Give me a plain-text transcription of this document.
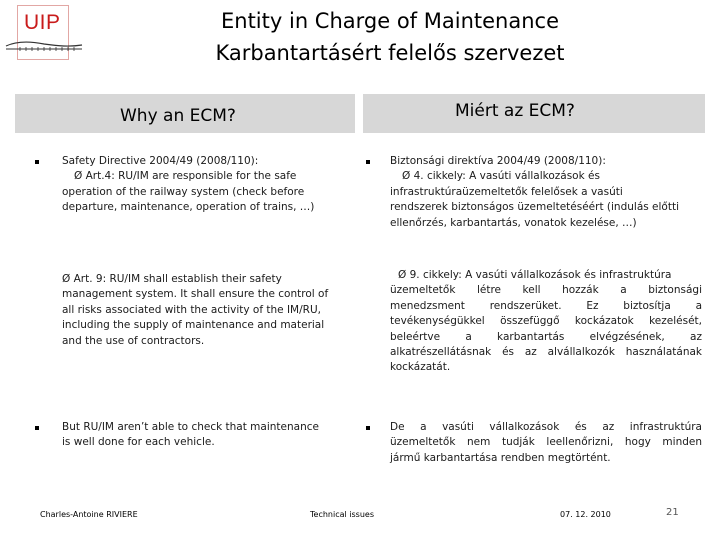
UIP	Entity in Charge of Maintenance
Karbantartásért felelős szervezet
Why an ECM?	Miért az ECM?
Safety Directive 2004/49 (2008/110):
Ø Art.4: RU/IM are responsible for the safe
operation of the railway system (check before
departure, maintenance, operation of trains, …)
Ø Art. 9: RU/IM shall establish their safety
management system. It shall ensure the control of
all risks associated with the activity of the IM/RU,
including the supply of maintenance and material
and the use of contractors.
But RU/IM aren’t able to check that maintenance
is well done for each vehicle.
Biztonsági direktíva 2004/49 (2008/110):
Ø 4. cikkely: A vasúti vállalkozások és
infrastruktúraüzemeltetők felelősek a vasúti
rendszerek biztonságos üzemeltetéséért (indulás előtti
ellenőrzés, karbantartás, vonatok kezelése, …)
Ø 9. cikkely: A vasúti vállalkozások és infrastruktúra
üzemeltetők létre kell hozzák a biztonsági
menedzsment rendszerüket. Ez biztosítja a
tevékenységükkel összefüggő kockázatok kezelését,
beleértve a karbantartás elvégzésének, az
alkatrészellátásnak és az alvállalkozók használatának
kockázatát.
De a vasúti vállalkozások és az infrastruktúra
üzemeltetők nem tudják leellenőrizni, hogy minden
jármű karbantartása rendben megtörtént.
Charles-Antoine RIVIERE	Technical issues	07. 12. 2010	21
